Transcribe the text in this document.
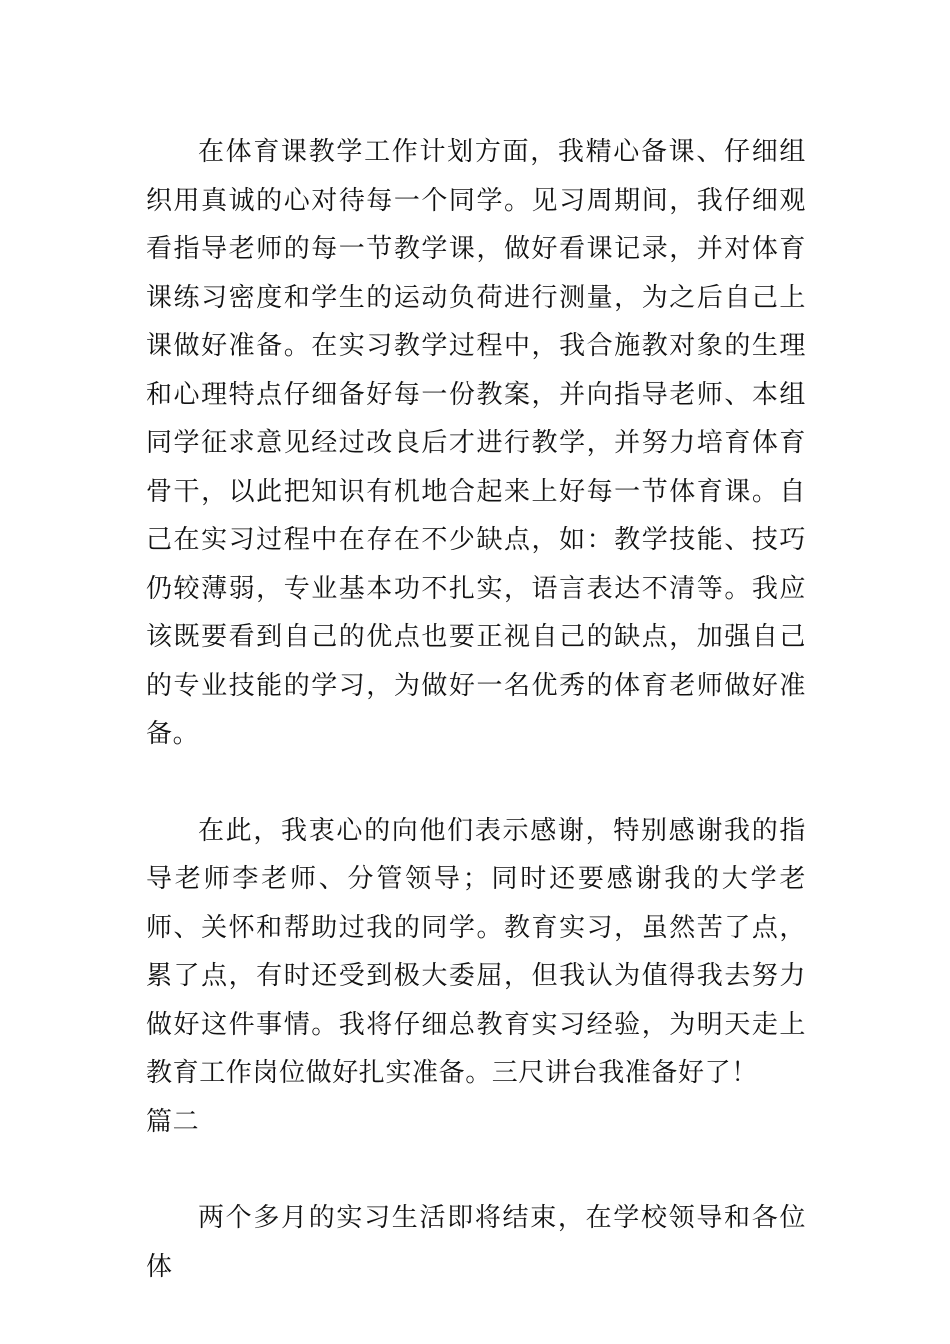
在体育课教学工作计划方面，我精心备课、仔细组织用真诚的心对待每一个同学。见习周期间，我仔细观看指导老师的每一节教学课，做好看课记录，并对体育课练习密度和学生的运动负荷进行测量，为之后自己上课做好准备。在实习教学过程中，我合施教对象的生理和心理特点仔细备好每一份教案，并向指导老师、本组同学征求意见经过改良后才进行教学，并努力培育体育骨干，以此把知识有机地合起来上好每一节体育课。自己在实习过程中在存在不少缺点，如：教学技能、技巧仍较薄弱，专业基本功不扎实，语言表达不清等。我应该既要看到自己的优点也要正视自己的缺点，加强自己的专业技能的学习，为做好一名优秀的体育老师做好准备。

在此，我衷心的向他们表示感谢，特别感谢我的指导老师李老师、分管领导；同时还要感谢我的大学老师、关怀和帮助过我的同学。教育实习，虽然苦了点，累了点，有时还受到极大委屈，但我认为值得我去努力做好这件事情。我将仔细总教育实习经验，为明天走上教育工作岗位做好扎实准备。三尺讲台我准备好了！

篇二

两个多月的实习生活即将结束，在学校领导和各位体
